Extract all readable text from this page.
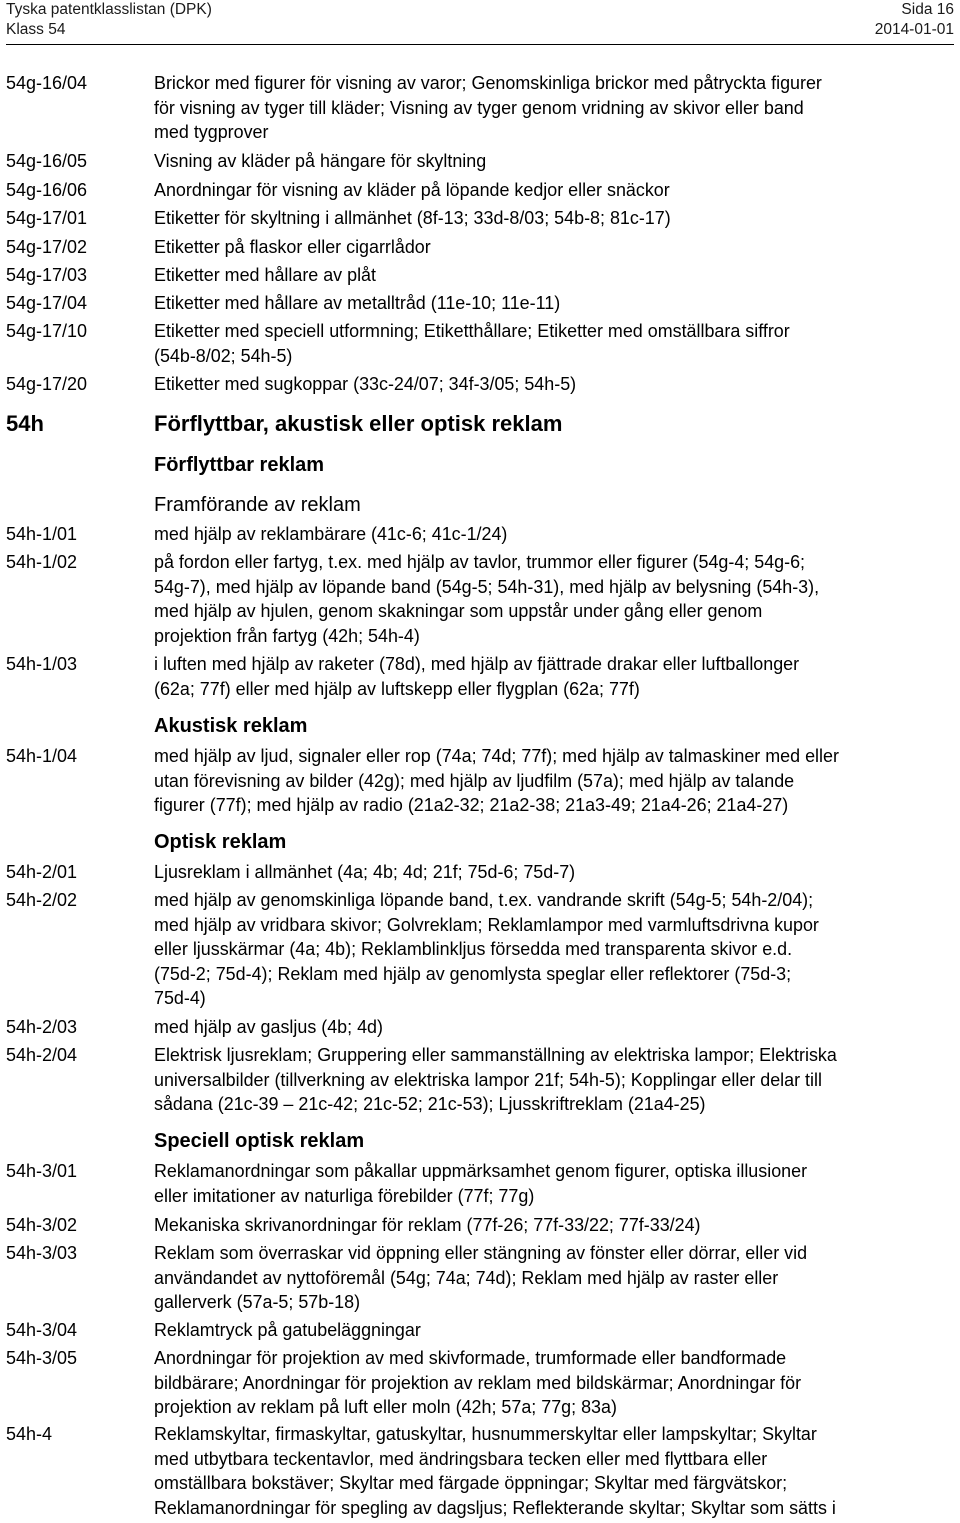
Tyska patentklasslistan (DPK)	Sida 16
Klass 54	2014-01-01
54g-16/04	Brickor med figurer för visning av varor; Genomskinliga brickor med påtryckta figurer
för visning av tyger till kläder; Visning av tyger genom vridning av skivor eller band
med tygprover
54g-16/05	Visning av kläder på hängare för skyltning
54g-16/06	Anordningar för visning av kläder på löpande kedjor eller snäckor
54g-17/01	Etiketter för skyltning i allmänhet (8f-13; 33d-8/03; 54b-8; 81c-17)
54g-17/02	Etiketter på flaskor eller cigarrlådor
54g-17/03	Etiketter med hållare av plåt
54g-17/04	Etiketter med hållare av metalltråd (11e-10; 11e-11)
54g-17/10	Etiketter med speciell utformning; Etiketthållare; Etiketter med omställbara siffror
(54b-8/02; 54h-5)
54g-17/20	Etiketter med sugkoppar (33c-24/07; 34f-3/05; 54h-5)
54h	Förflyttbar, akustisk eller optisk reklam
Förflyttbar reklam
Framförande av reklam
54h-1/01	med hjälp av reklambärare (41c-6; 41c-1/24)
54h-1/02	på fordon eller fartyg, t.ex. med hjälp av tavlor, trummor eller figurer (54g-4; 54g-6;
54g-7), med hjälp av löpande band (54g-5; 54h-31), med hjälp av belysning (54h-3),
med hjälp av hjulen, genom skakningar som uppstår under gång eller genom
projektion från fartyg (42h; 54h-4)
54h-1/03	i luften med hjälp av raketer (78d), med hjälp av fjättrade drakar eller luftballonger
(62a; 77f) eller med hjälp av luftskepp eller flygplan (62a; 77f)
Akustisk reklam
54h-1/04	med hjälp av ljud, signaler eller rop (74a; 74d; 77f); med hjälp av talmaskiner med eller
utan förevisning av bilder (42g); med hjälp av ljudfilm (57a); med hjälp av talande
figurer (77f); med hjälp av radio (21a2-32; 21a2-38; 21a3-49; 21a4-26; 21a4-27)
Optisk reklam
54h-2/01	Ljusreklam i allmänhet (4a; 4b; 4d; 21f; 75d-6; 75d-7)
54h-2/02	med hjälp av genomskinliga löpande band, t.ex. vandrande skrift (54g-5; 54h-2/04);
med hjälp av vridbara skivor; Golvreklam; Reklamlampor med varmluftsdrivna kupor
eller ljusskärmar (4a; 4b); Reklamblinkljus försedda med transparenta skivor e.d.
(75d-2; 75d-4); Reklam med hjälp av genomlysta speglar eller reflektorer (75d-3;
75d-4)
54h-2/03	med hjälp av gasljus (4b; 4d)
54h-2/04	Elektrisk ljusreklam; Gruppering eller sammanställning av elektriska lampor; Elektriska
universalbilder (tillverkning av elektriska lampor 21f; 54h-5); Kopplingar eller delar till
sådana (21c-39 – 21c-42; 21c-52; 21c-53); Ljusskriftreklam (21a4-25)
Speciell optisk reklam
54h-3/01	Reklamanordningar som påkallar uppmärksamhet genom figurer, optiska illusioner
eller imitationer av naturliga förebilder (77f; 77g)
54h-3/02	Mekaniska skrivanordningar för reklam (77f-26; 77f-33/22; 77f-33/24)
54h-3/03	Reklam som överraskar vid öppning eller stängning av fönster eller dörrar, eller vid
användandet av nyttoföremål (54g; 74a; 74d); Reklam med hjälp av raster eller
gallerverk (57a-5; 57b-18)
54h-3/04	Reklamtryck på gatubeläggningar
54h-3/05	Anordningar för projektion av med skivformade, trumformade eller bandformade
bildbärare; Anordningar för projektion av reklam med bildskärmar; Anordningar för
projektion av reklam på luft eller moln (42h; 57a; 77g; 83a)
54h-4	Reklamskyltar, firmaskyltar, gatuskyltar, husnummerskyltar eller lampskyltar; Skyltar
med utbytbara teckentavlor, med ändringsbara tecken eller med flyttbara eller
omställbara bokstäver; Skyltar med färgade öppningar; Skyltar med färgvätskor;
Reklamanordningar för spegling av dagsljus; Reflekterande skyltar; Skyltar som sätts i
